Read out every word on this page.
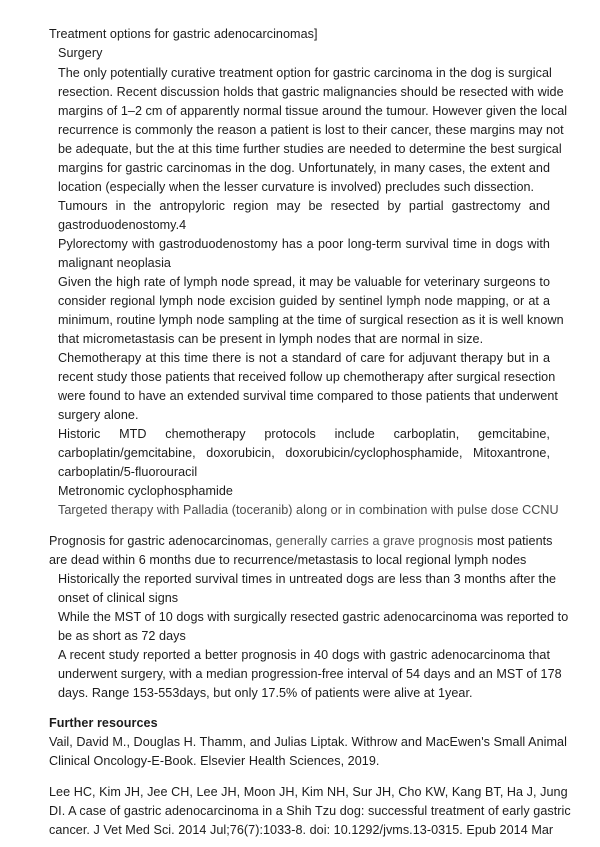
Treatment options for gastric adenocarcinomas]
Surgery
The only potentially curative treatment option for gastric carcinoma in the dog is surgical
resection. Recent discussion holds that gastric malignancies should be resected with wide
margins of 1–2 cm of apparently normal tissue around the tumour. However given the local
recurrence is commonly the reason a patient is lost to their cancer, these margins may not
be adequate, but the at this time further studies are needed to determine the best surgical
margins for gastric carcinomas in the dog. Unfortunately, in many cases, the extent and
location (especially when the lesser curvature is involved) precludes such dissection.
Tumours in the antropyloric region may be resected by partial gastrectomy and
gastroduodenostomy.4
Pylorectomy with gastroduodenostomy has a poor long-term survival time in dogs with
malignant neoplasia
Given the high rate of lymph node spread, it may be valuable for veterinary surgeons to
consider regional lymph node excision guided by sentinel lymph node mapping, or at a
minimum, routine lymph node sampling at the time of surgical resection as it is well known
that micrometastasis can be present in lymph nodes that are normal in size.
Chemotherapy at this time there is not a standard of care for adjuvant therapy but in a
recent study those patients that received follow up chemotherapy after surgical resection
were found to have an extended survival time compared to those patients that underwent
surgery alone.
Historic MTD chemotherapy protocols include carboplatin, gemcitabine,
carboplatin/gemcitabine, doxorubicin, doxorubicin/cyclophosphamide, Mitoxantrone,
carboplatin/5-fluorouracil
Metronomic cyclophosphamide
Targeted therapy with Palladia (toceranib) along or in combination with pulse dose CCNU
Prognosis for gastric adenocarcinomas, generally carries a grave prognosis most patients
are dead within 6 months due to recurrence/metastasis to local regional lymph nodes
Historically the reported survival times in untreated dogs are less than 3 months after the
onset of clinical signs
While the MST of 10 dogs with surgically resected gastric adenocarcinoma was reported to
be as short as 72 days
A recent study reported a better prognosis in 40 dogs with gastric adenocarcinoma that
underwent surgery, with a median progression-free interval of 54 days and an MST of 178
days. Range 153-553days, but only 17.5% of patients were alive at 1year.
Further resources
Vail, David M., Douglas H. Thamm, and Julias Liptak. Withrow and MacEwen's Small Animal
Clinical Oncology-E-Book. Elsevier Health Sciences, 2019.
Lee HC, Kim JH, Jee CH, Lee JH, Moon JH, Kim NH, Sur JH, Cho KW, Kang BT, Ha J, Jung
DI. A case of gastric adenocarcinoma in a Shih Tzu dog: successful treatment of early gastric
cancer. J Vet Med Sci. 2014 Jul;76(7):1033-8. doi: 10.1292/jvms.13-0315. Epub 2014 Mar
